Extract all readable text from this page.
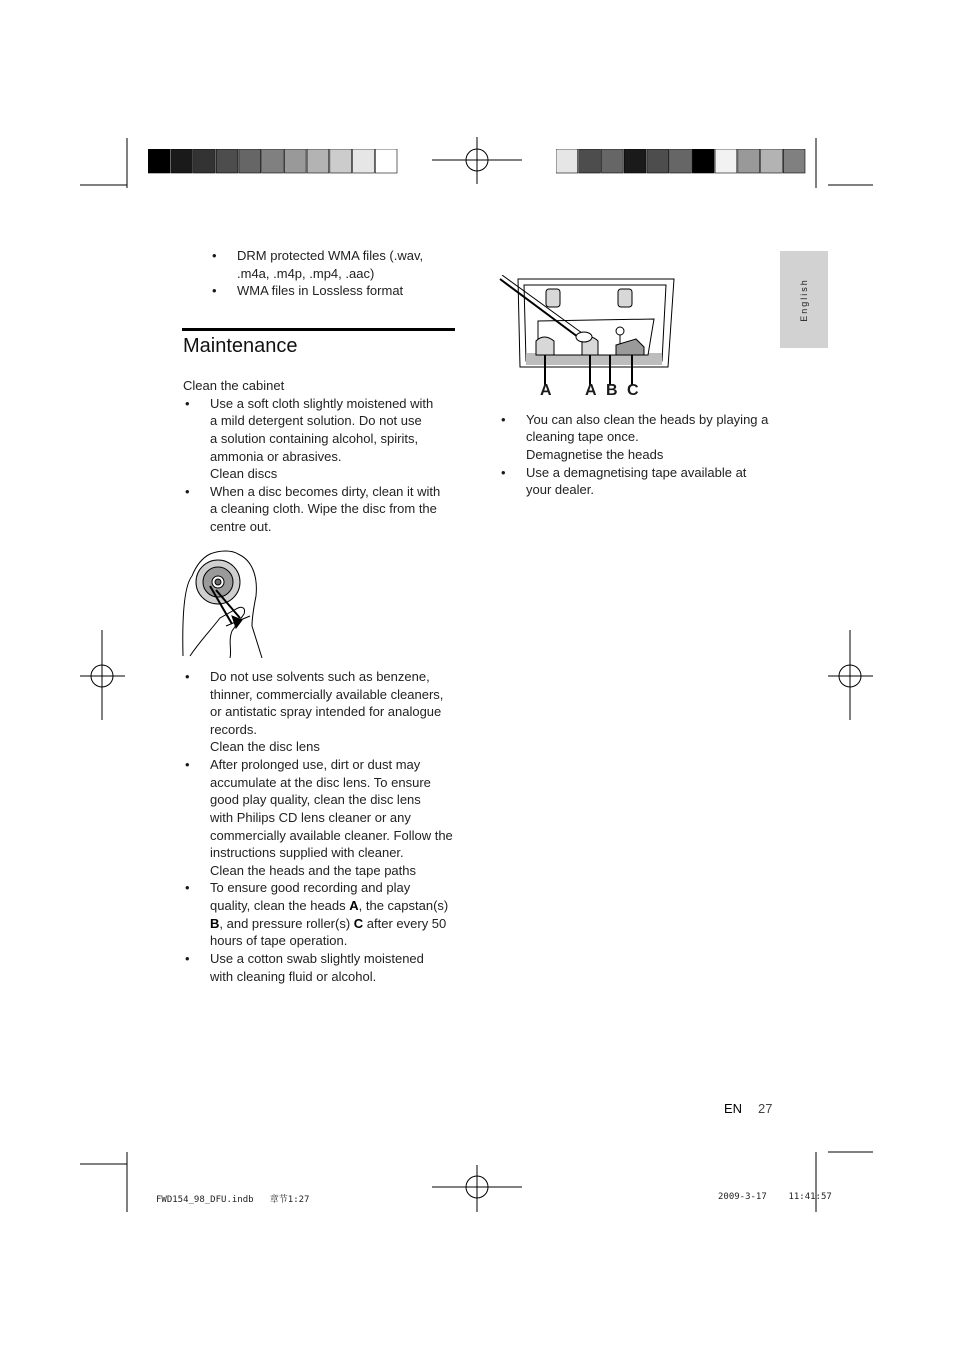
English
• DRM protected WMA files (.wav,
.m4a, .m4p, .mp4, .aac)
• WMA files in Lossless format
Maintenance
Clean the cabinet
• Use a soft cloth slightly moistened with
a mild detergent solution. Do not use
a solution containing alcohol, spirits,
ammonia or abrasives.
Clean discs
• When a disc becomes dirty, clean it with
a cleaning cloth. Wipe the disc from the
centre out.
• Do not use solvents such as benzene,
thinner, commercially available cleaners,
or antistatic spray intended for analogue
records.
Clean the disc lens
• After prolonged use, dirt or dust may
accumulate at the disc lens. To ensure
good play quality, clean the disc lens
with Philips CD lens cleaner or any
commercially available cleaner. Follow the
instructions supplied with cleaner.
Clean the heads and the tape paths
• To ensure good recording and play
quality, clean the heads A, the capstan(s)
B, and pressure roller(s) C after every 50
hours of tape operation.
• Use a cotton swab slightly moistened
with cleaning fluid or alcohol.
A A B C
• You can also clean the heads by playing a
cleaning tape once.
Demagnetise the heads
• Use a demagnetising tape available at
your dealer.
EN 27
FWD154_98_DFU.indb   章节1:27	2009-3-17    11:41:57
